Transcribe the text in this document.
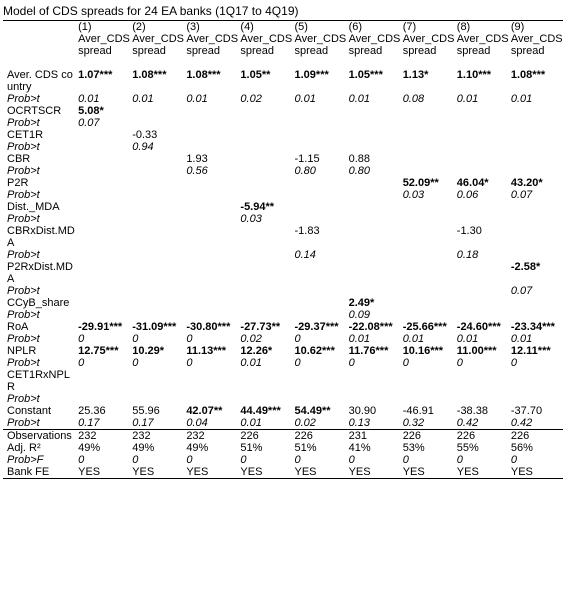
Model of CDS spreads for 24 EA banks (1Q17 to 4Q19)
	(1)	(2)	(3)	(4)	(5)	(6)	(7)	(8)	(9)
	Aver_CDS spread	Aver_CDS spread	Aver_CDS spread	Aver_CDS spread	Aver_CDS spread	Aver_CDS spread	Aver_CDS spread	Aver_CDS spread	Aver_CDS spread
Aver. CDS country	1.07***	1.08***	1.08***	1.05**	1.09***	1.05***	1.13*	1.10***	1.08***
Prob>t	0.01	0.01	0.01	0.02	0.01	0.01	0.08	0.01	0.01
OCRTSCR	5.08*								
Prob>t	0.07								
CET1R		-0.33							
Prob>t		0.94							
CBR			1.93		-1.15	0.88			
Prob>t			0.56		0.80	0.80			
P2R							52.09**	46.04*	43.20*
Prob>t							0.03	0.06	0.07
Dist._MDA				-5.94**					
Prob>t				0.03					
CBRxDist.MDA					-1.83			-1.30	
Prob>t					0.14			0.18	
P2RxDist.MDA									-2.58*
Prob>t									0.07
CCyB_share						2.49*			
Prob>t						0.09			
RoA	-29.91***	-31.09***	-30.80***	-27.73**	-29.37***	-22.08***	-25.66***	-24.60***	-23.34***
Prob>t	0	0	0	0.02	0	0.01	0.01	0.01	0.01
NPLR	12.75***	10.29*	11.13***	12.26*	10.62***	11.76***	10.16***	11.00***	12.11***
Prob>t	0	0	0	0.01	0	0	0	0	0
CET1RxNPLR									
Prob>t									
Constant	25.36	55.96	42.07**	44.49***	54.49**	30.90	-46.91	-38.38	-37.70
Prob>t	0.17	0.17	0.04	0.01	0.02	0.13	0.32	0.42	0.42
Observations	232	232	232	226	226	231	226	226	226
Adj. R²	49%	49%	49%	51%	51%	41%	53%	55%	56%
Prob>F	0	0	0	0	0	0	0	0	0
Bank FE	YES	YES	YES	YES	YES	YES	YES	YES	YES
